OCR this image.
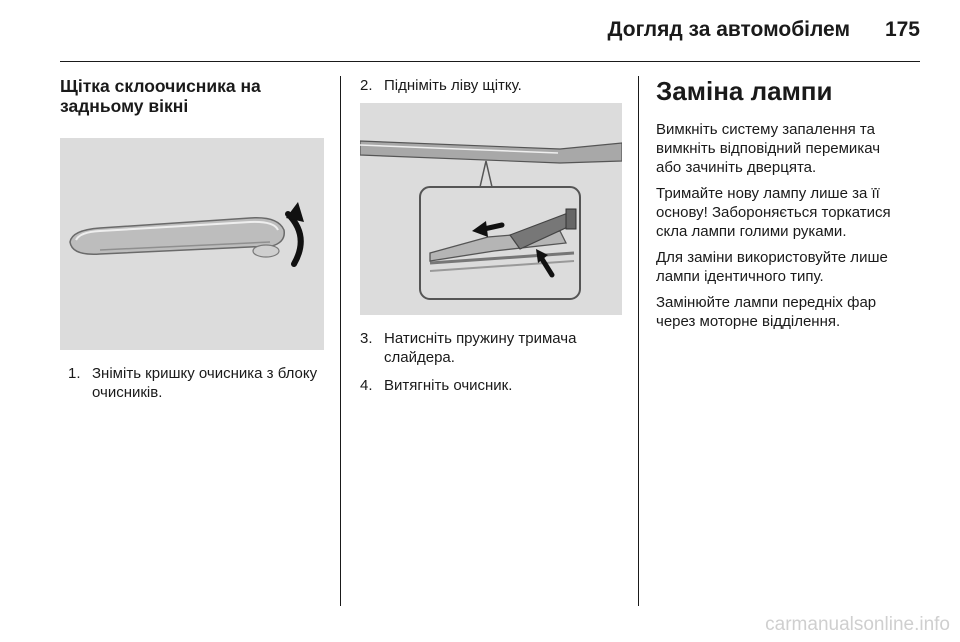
Догляд за автомобілем	175
Щітка склоочисника на
задньому вікні
1. Зніміть кришку очисника з блоку
очисників.
2. Підніміть ліву щітку.
3. Натисніть пружину тримача
слайдера.
4. Витягніть очисник.
Заміна лампи

Вимкніть систему запалення та
вимкніть відповідний перемикач
або зачиніть дверцята.

Тримайте нову лампу лише за її
основу! Забороняється торкатися
скла лампи голими руками.

Для заміни використовуйте лише
лампи ідентичного типу.

Замінюйте лампи передніх фар
через моторне відділення.

carmanualsonline.info
